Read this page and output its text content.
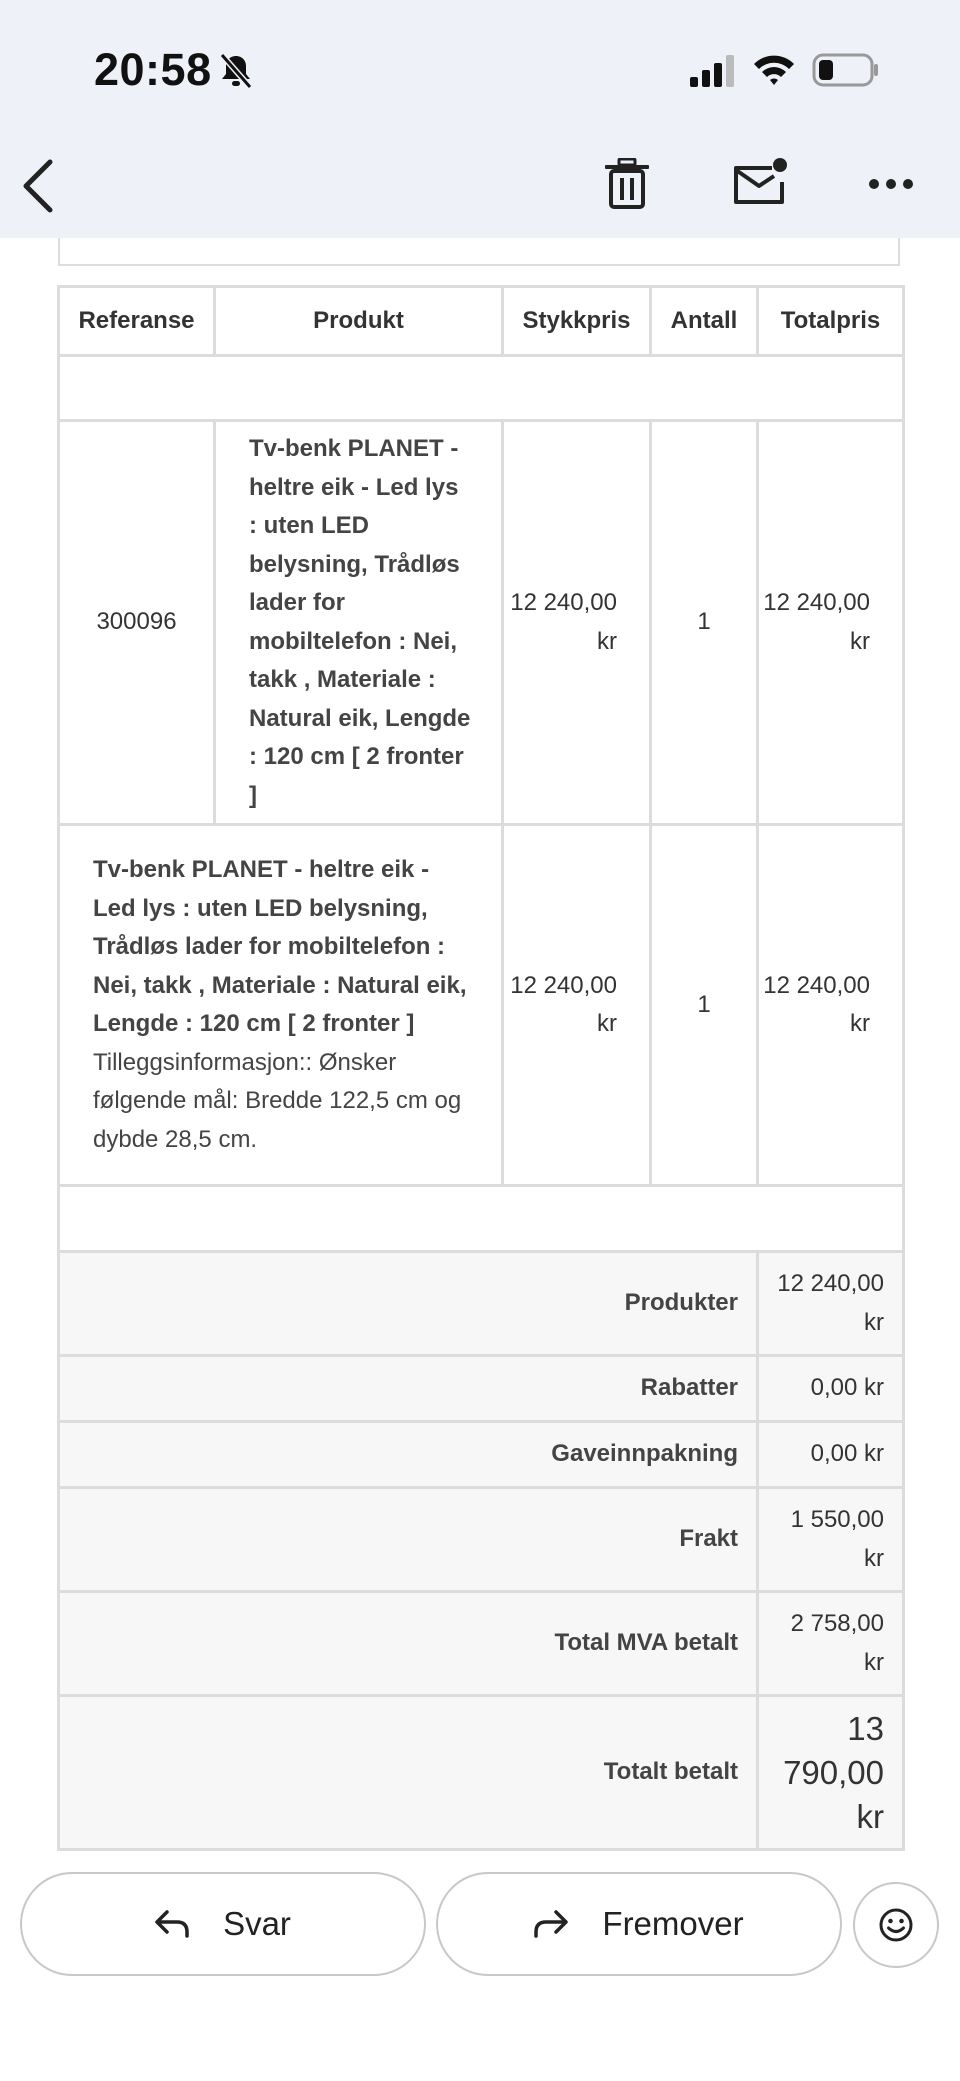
20:58
Referanse	Produkt	Stykkpris	Antall	Totalpris

300096	Tv-benk PLANET - heltre eik - Led lys : uten LED belysning, Trådløs lader for mobiltelefon : Nei, takk , Materiale : Natural eik, Lengde : 120 cm [ 2 fronter ]	12 240,00 kr	1	12 240,00 kr

Tv-benk PLANET - heltre eik - Led lys : uten LED belysning, Trådløs lader for mobiltelefon : Nei, takk , Materiale : Natural eik, Lengde : 120 cm [ 2 fronter ]
Tilleggsinformasjon:: Ønsker følgende mål: Bredde 122,5 cm og dybde 28,5 cm.		12 240,00 kr	1	12 240,00 kr

Produkter				12 240,00 kr
Rabatter				0,00 kr
Gaveinnpakning				0,00 kr
Frakt				1 550,00 kr
Total MVA betalt				2 758,00 kr
Totalt betalt				13 790,00 kr
Svar	Fremover
